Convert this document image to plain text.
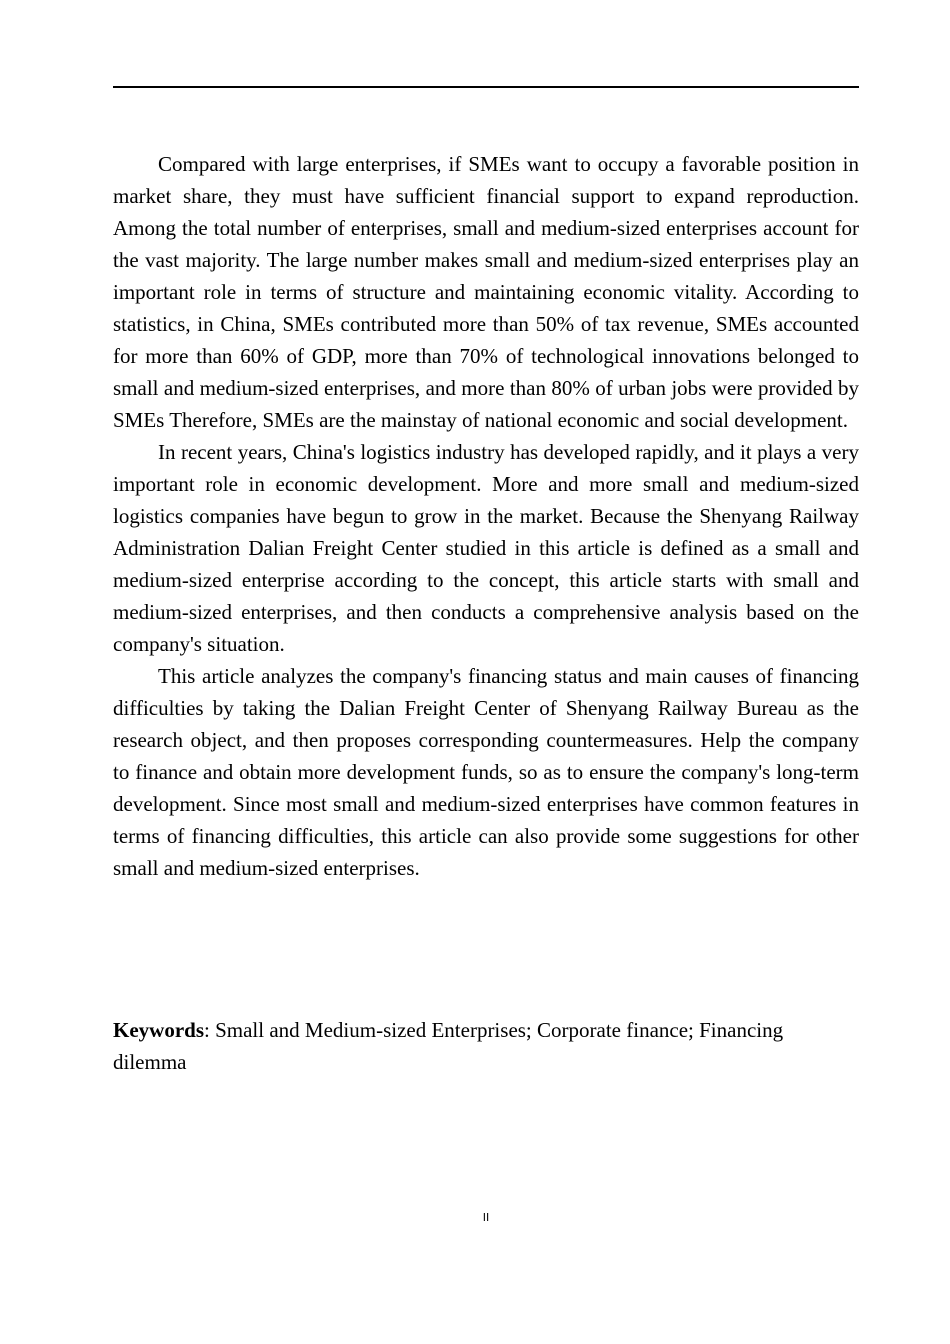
Compared with large enterprises, if SMEs want to occupy a favorable position in market share, they must have sufficient financial support to expand reproduction. Among the total number of enterprises, small and medium-sized enterprises account for the vast majority. The large number makes small and medium-sized enterprises play an important role in terms of structure and maintaining economic vitality. According to statistics, in China, SMEs contributed more than 50% of tax revenue, SMEs accounted for more than 60% of GDP, more than 70% of technological innovations belonged to small and medium-sized enterprises, and more than 80% of urban jobs were provided by SMEs Therefore, SMEs are the mainstay of national economic and social development.

In recent years, China's logistics industry has developed rapidly, and it plays a very important role in economic development. More and more small and medium-sized logistics companies have begun to grow in the market. Because the Shenyang Railway Administration Dalian Freight Center studied in this article is defined as a small and medium-sized enterprise according to the concept, this article starts with small and medium-sized enterprises, and then conducts a comprehensive analysis based on the company's situation.

This article analyzes the company's financing status and main causes of financing difficulties by taking the Dalian Freight Center of Shenyang Railway Bureau as the research object, and then proposes corresponding countermeasures. Help the company to finance and obtain more development funds, so as to ensure the company's long-term development. Since most small and medium-sized enterprises have common features in terms of financing difficulties, this article can also provide some suggestions for other small and medium-sized enterprises.

Keywords: Small and Medium-sized Enterprises; Corporate finance; Financing dilemma

II
